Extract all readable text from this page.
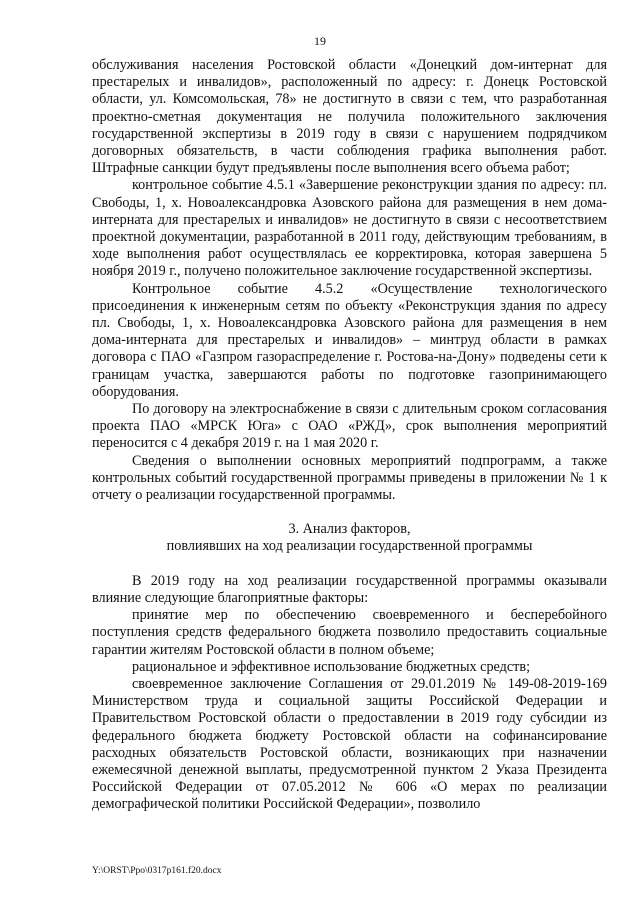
19

обслуживания населения Ростовской области «Донецкий дом-интернат для престарелых и инвалидов», расположенный по адресу: г. Донецк Ростовской области, ул. Комсомольская, 78» не достигнуто в связи с тем, что разработанная проектно-сметная документация не получила положительного заключения государственной экспертизы в 2019 году в связи с нарушением подрядчиком договорных обязательств, в части соблюдения графика выполнения работ. Штрафные санкции будут предъявлены после выполнения всего объема работ;

контрольное событие 4.5.1 «Завершение реконструкции здания по адресу: пл. Свободы, 1, х. Новоалександровка Азовского района для размещения в нем дома-интерната для престарелых и инвалидов» не достигнуто в связи с несоответствием проектной документации, разработанной в 2011 году, действующим требованиям, в ходе выполнения работ осуществлялась ее корректировка, которая завершена 5 ноября 2019 г., получено положительное заключение государственной экспертизы.

Контрольное событие 4.5.2 «Осуществление технологического присоединения к инженерным сетям по объекту «Реконструкция здания по адресу пл. Свободы, 1, х. Новоалександровка Азовского района для размещения в нем дома-интерната для престарелых и инвалидов» – минтруд области в рамках договора с ПАО «Газпром газораспределение г. Ростова-на-Дону» подведены сети к границам участка, завершаются работы по подготовке газопринимающего оборудования.

По договору на электроснабжение в связи с длительным сроком согласования проекта ПАО «МРСК Юга» с ОАО «РЖД», срок выполнения мероприятий переносится с 4 декабря 2019 г. на 1 мая 2020 г.

Сведения о выполнении основных мероприятий подпрограмм, а также контрольных событий государственной программы приведены в приложении № 1 к отчету о реализации государственной программы.

3. Анализ факторов,

повлиявших на ход реализации государственной программы

В 2019 году на ход реализации государственной программы оказывали влияние следующие благоприятные факторы:

принятие мер по обеспечению своевременного и бесперебойного поступления средств федерального бюджета позволило предоставить социальные гарантии жителям Ростовской области в полном объеме;

рациональное и эффективное использование бюджетных средств;

своевременное заключение Соглашения от 29.01.2019 № 149-08-2019-169 Министерством труда и социальной защиты Российской Федерации и Правительством Ростовской области о предоставлении в 2019 году субсидии из федерального бюджета бюджету Ростовской области на софинансирование расходных обязательств Ростовской области, возникающих при назначении ежемесячной денежной выплаты, предусмотренной пунктом 2 Указа Президента Российской Федерации от 07.05.2012 № 606 «О мерах по реализации демографической политики Российской Федерации», позволило

Y:\ORST\Ppo\0317p161.f20.docx
